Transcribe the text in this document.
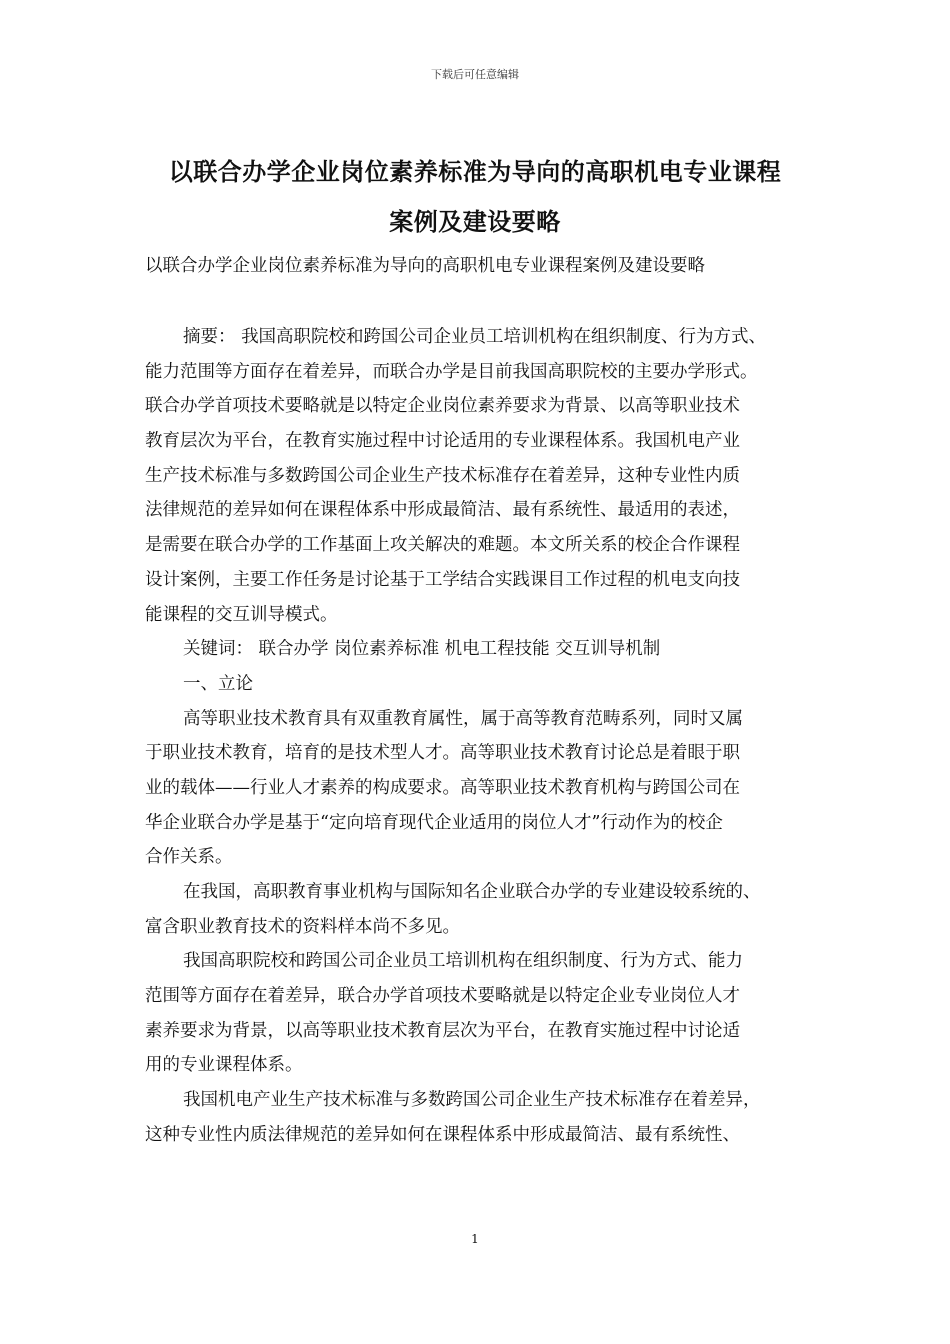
下载后可任意编辑
以联合办学企业岗位素养标准为导向的高职机电专业课程
案例及建设要略
以联合办学企业岗位素养标准为导向的高职机电专业课程案例及建设要略
摘要： 我国高职院校和跨国公司企业员工培训机构在组织制度、行为方式、
能力范围等方面存在着差异，而联合办学是目前我国高职院校的主要办学形式。
联合办学首项技术要略就是以特定企业岗位素养要求为背景、以高等职业技术
教育层次为平台，在教育实施过程中讨论适用的专业课程体系。我国机电产业
生产技术标准与多数跨国公司企业生产技术标准存在着差异，这种专业性内质
法律规范的差异如何在课程体系中形成最简洁、最有系统性、最适用的表述，
是需要在联合办学的工作基面上攻关解决的难题。本文所关系的校企合作课程
设计案例，主要工作任务是讨论基于工学结合实践课目工作过程的机电支向技
能课程的交互训导模式。
关键词： 联合办学 岗位素养标准 机电工程技能 交互训导机制
一、立论
高等职业技术教育具有双重教育属性，属于高等教育范畴系列，同时又属
于职业技术教育，培育的是技术型人才。高等职业技术教育讨论总是着眼于职
业的载体——行业人才素养的构成要求。高等职业技术教育机构与跨国公司在
华企业联合办学是基于“定向培育现代企业适用的岗位人才”行动作为的校企
合作关系。
在我国，高职教育事业机构与国际知名企业联合办学的专业建设较系统的、
富含职业教育技术的资料样本尚不多见。
我国高职院校和跨国公司企业员工培训机构在组织制度、行为方式、能力
范围等方面存在着差异，联合办学首项技术要略就是以特定企业专业岗位人才
素养要求为背景，以高等职业技术教育层次为平台，在教育实施过程中讨论适
用的专业课程体系。
我国机电产业生产技术标准与多数跨国公司企业生产技术标准存在着差异，
这种专业性内质法律规范的差异如何在课程体系中形成最简洁、最有系统性、
1
